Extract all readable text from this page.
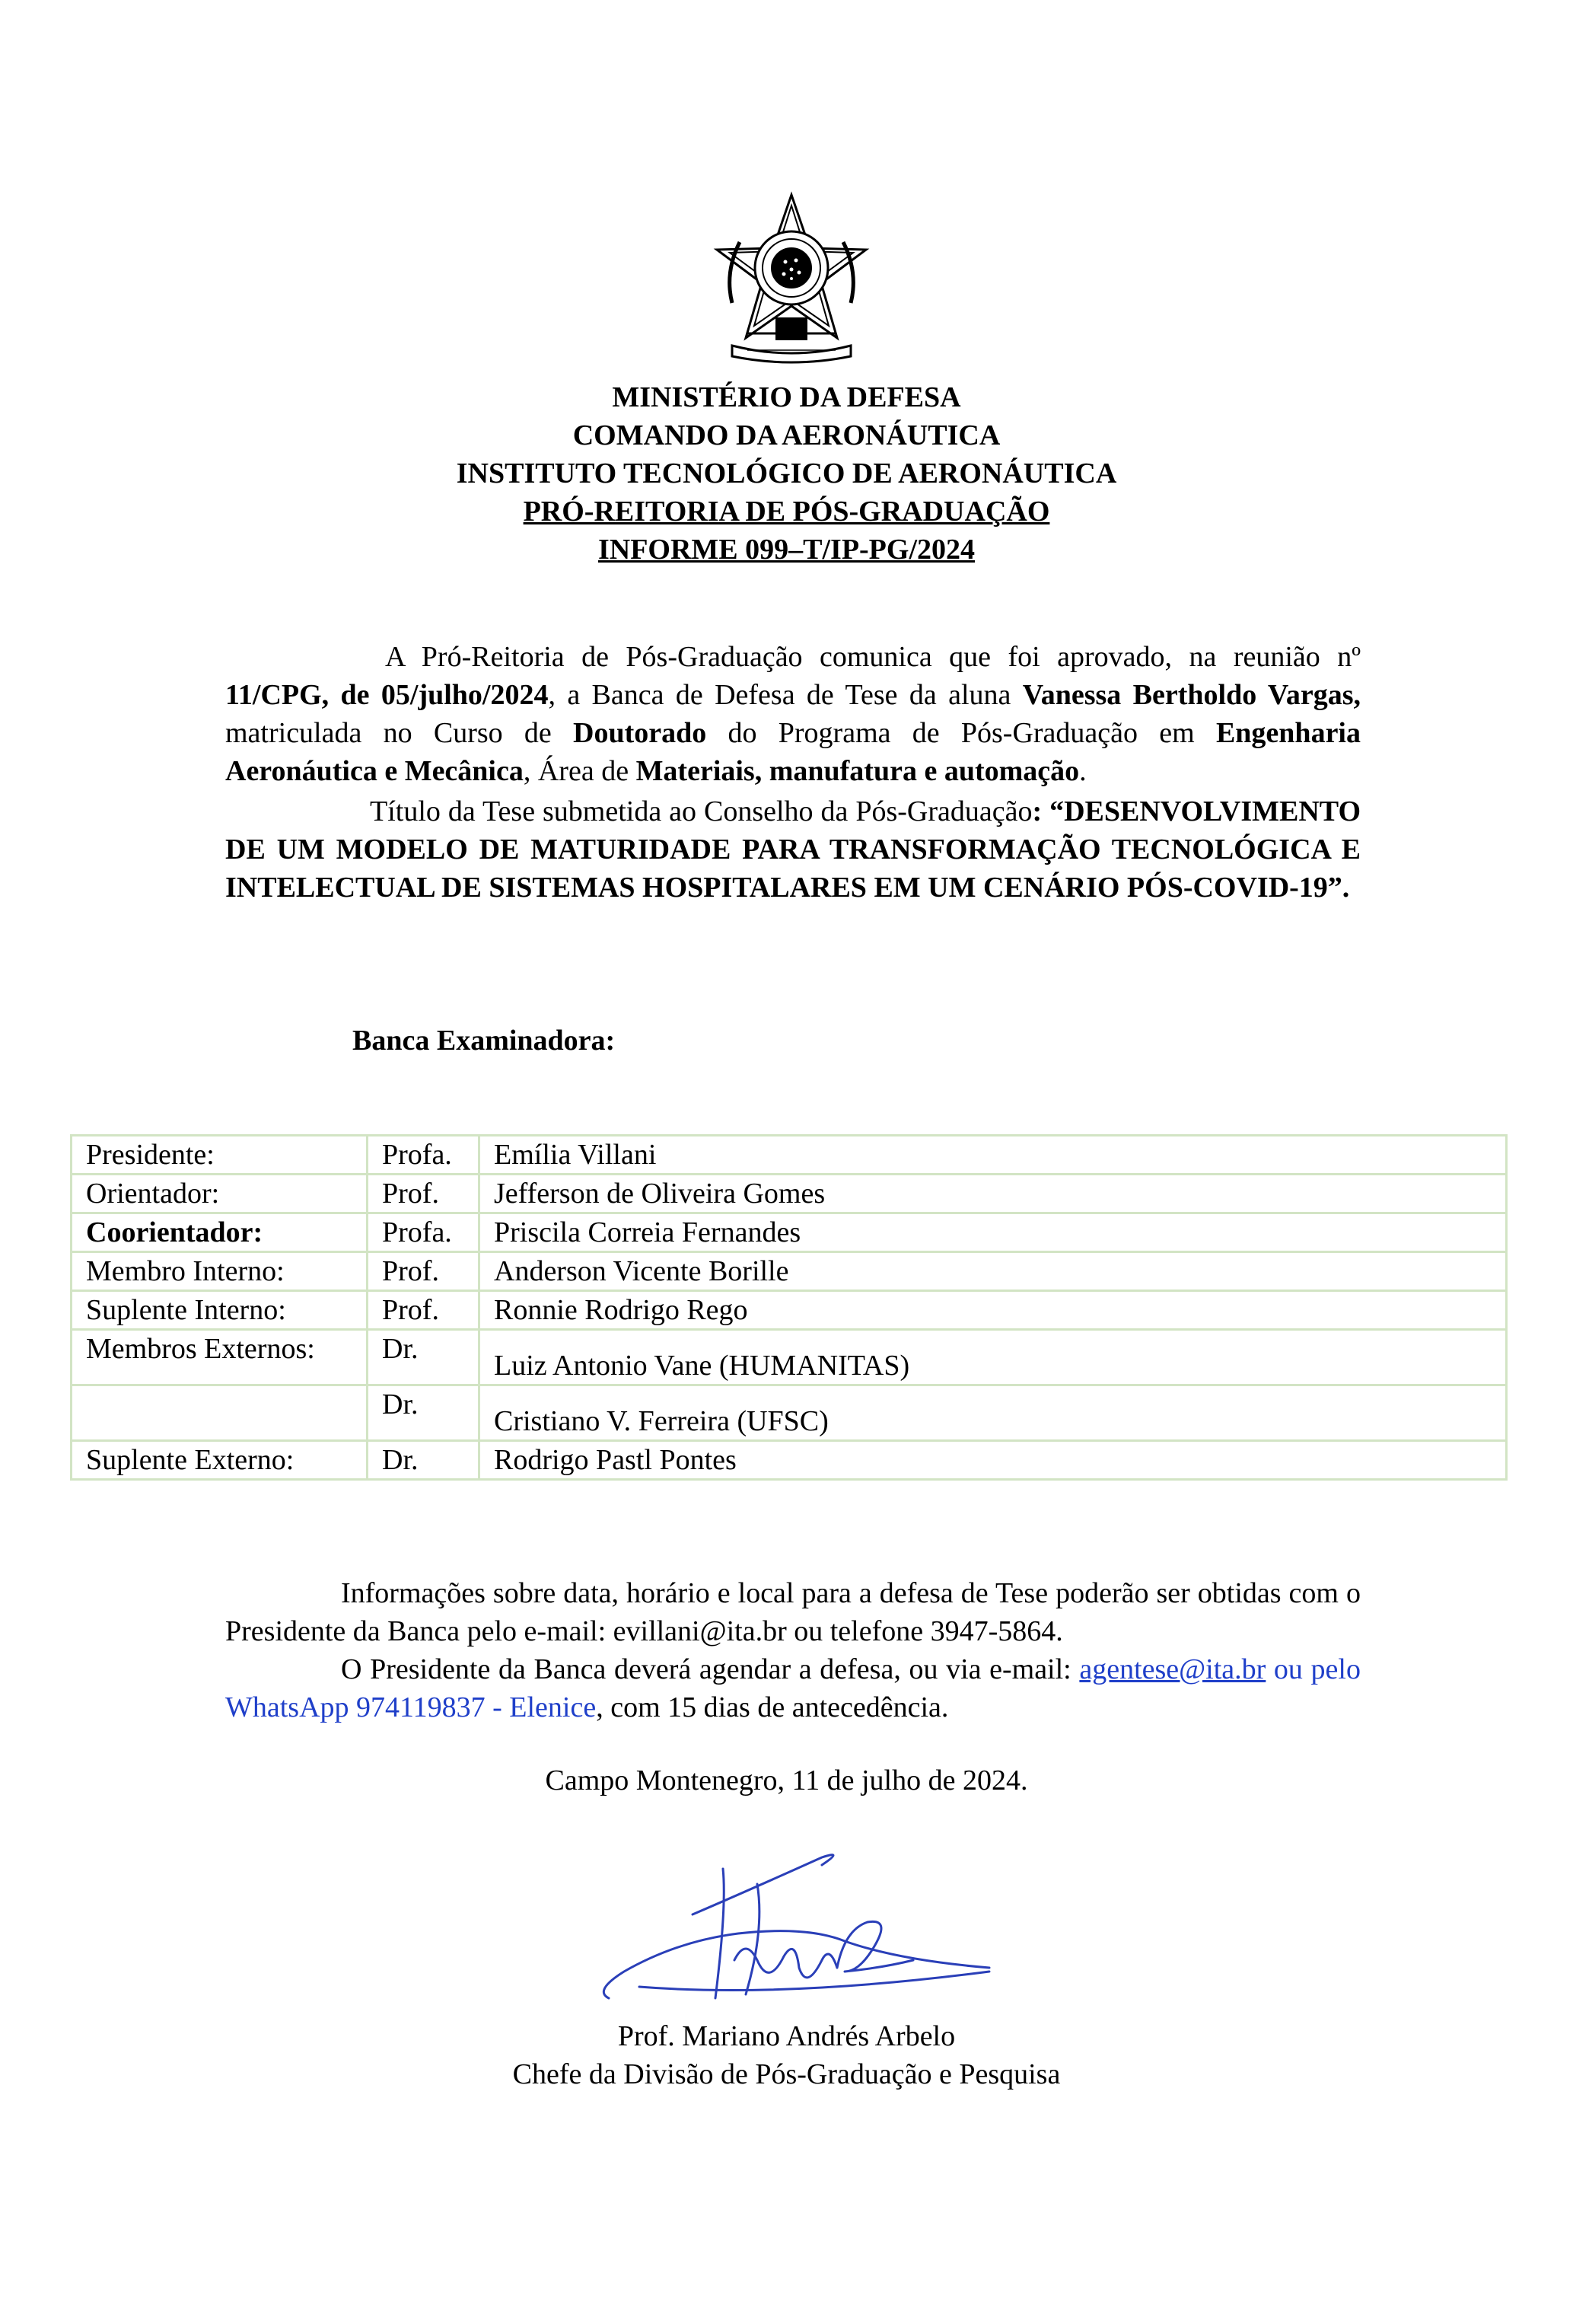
MINISTÉRIO DA DEFESA
COMANDO DA AERONÁUTICA
INSTITUTO TECNOLÓGICO DE AERONÁUTICA
PRÓ-REITORIA DE PÓS-GRADUAÇÃO
INFORME 099–T/IP-PG/2024
A Pró-Reitoria de Pós-Graduação comunica que foi aprovado, na reunião nº 11/CPG, de 05/julho/2024, a Banca de Defesa de Tese da aluna Vanessa Bertholdo Vargas, matriculada no Curso de Doutorado do Programa de Pós-Graduação em Engenharia Aeronáutica e Mecânica, Área de Materiais, manufatura e automação.
Título da Tese submetida ao Conselho da Pós-Graduação: “DESENVOLVIMENTO DE UM MODELO DE MATURIDADE PARA TRANSFORMAÇÃO TECNOLÓGICA E INTELECTUAL DE SISTEMAS HOSPITALARES EM UM CENÁRIO PÓS-COVID-19”.
Banca Examinadora:
Presidente:	Profa.	Emília Villani
Orientador:	Prof.	Jefferson de Oliveira Gomes
Coorientador:	Profa.	Priscila Correia Fernandes
Membro Interno:	Prof.	Anderson Vicente Borille
Suplente Interno:	Prof.	Ronnie Rodrigo Rego
Membros Externos:	Dr.	Luiz Antonio Vane (HUMANITAS)
	Dr.	Cristiano V. Ferreira (UFSC)
Suplente Externo:	Dr.	Rodrigo Pastl Pontes
Informações sobre data, horário e local para a defesa de Tese poderão ser obtidas com o Presidente da Banca pelo e-mail: evillani@ita.br ou telefone 3947-5864.
O Presidente da Banca deverá agendar a defesa, ou via e-mail: agentese@ita.br ou pelo WhatsApp 974119837 - Elenice, com 15 dias de antecedência.
Campo Montenegro, 11 de julho de 2024.
Prof. Mariano Andrés Arbelo
Chefe da Divisão de Pós-Graduação e Pesquisa
